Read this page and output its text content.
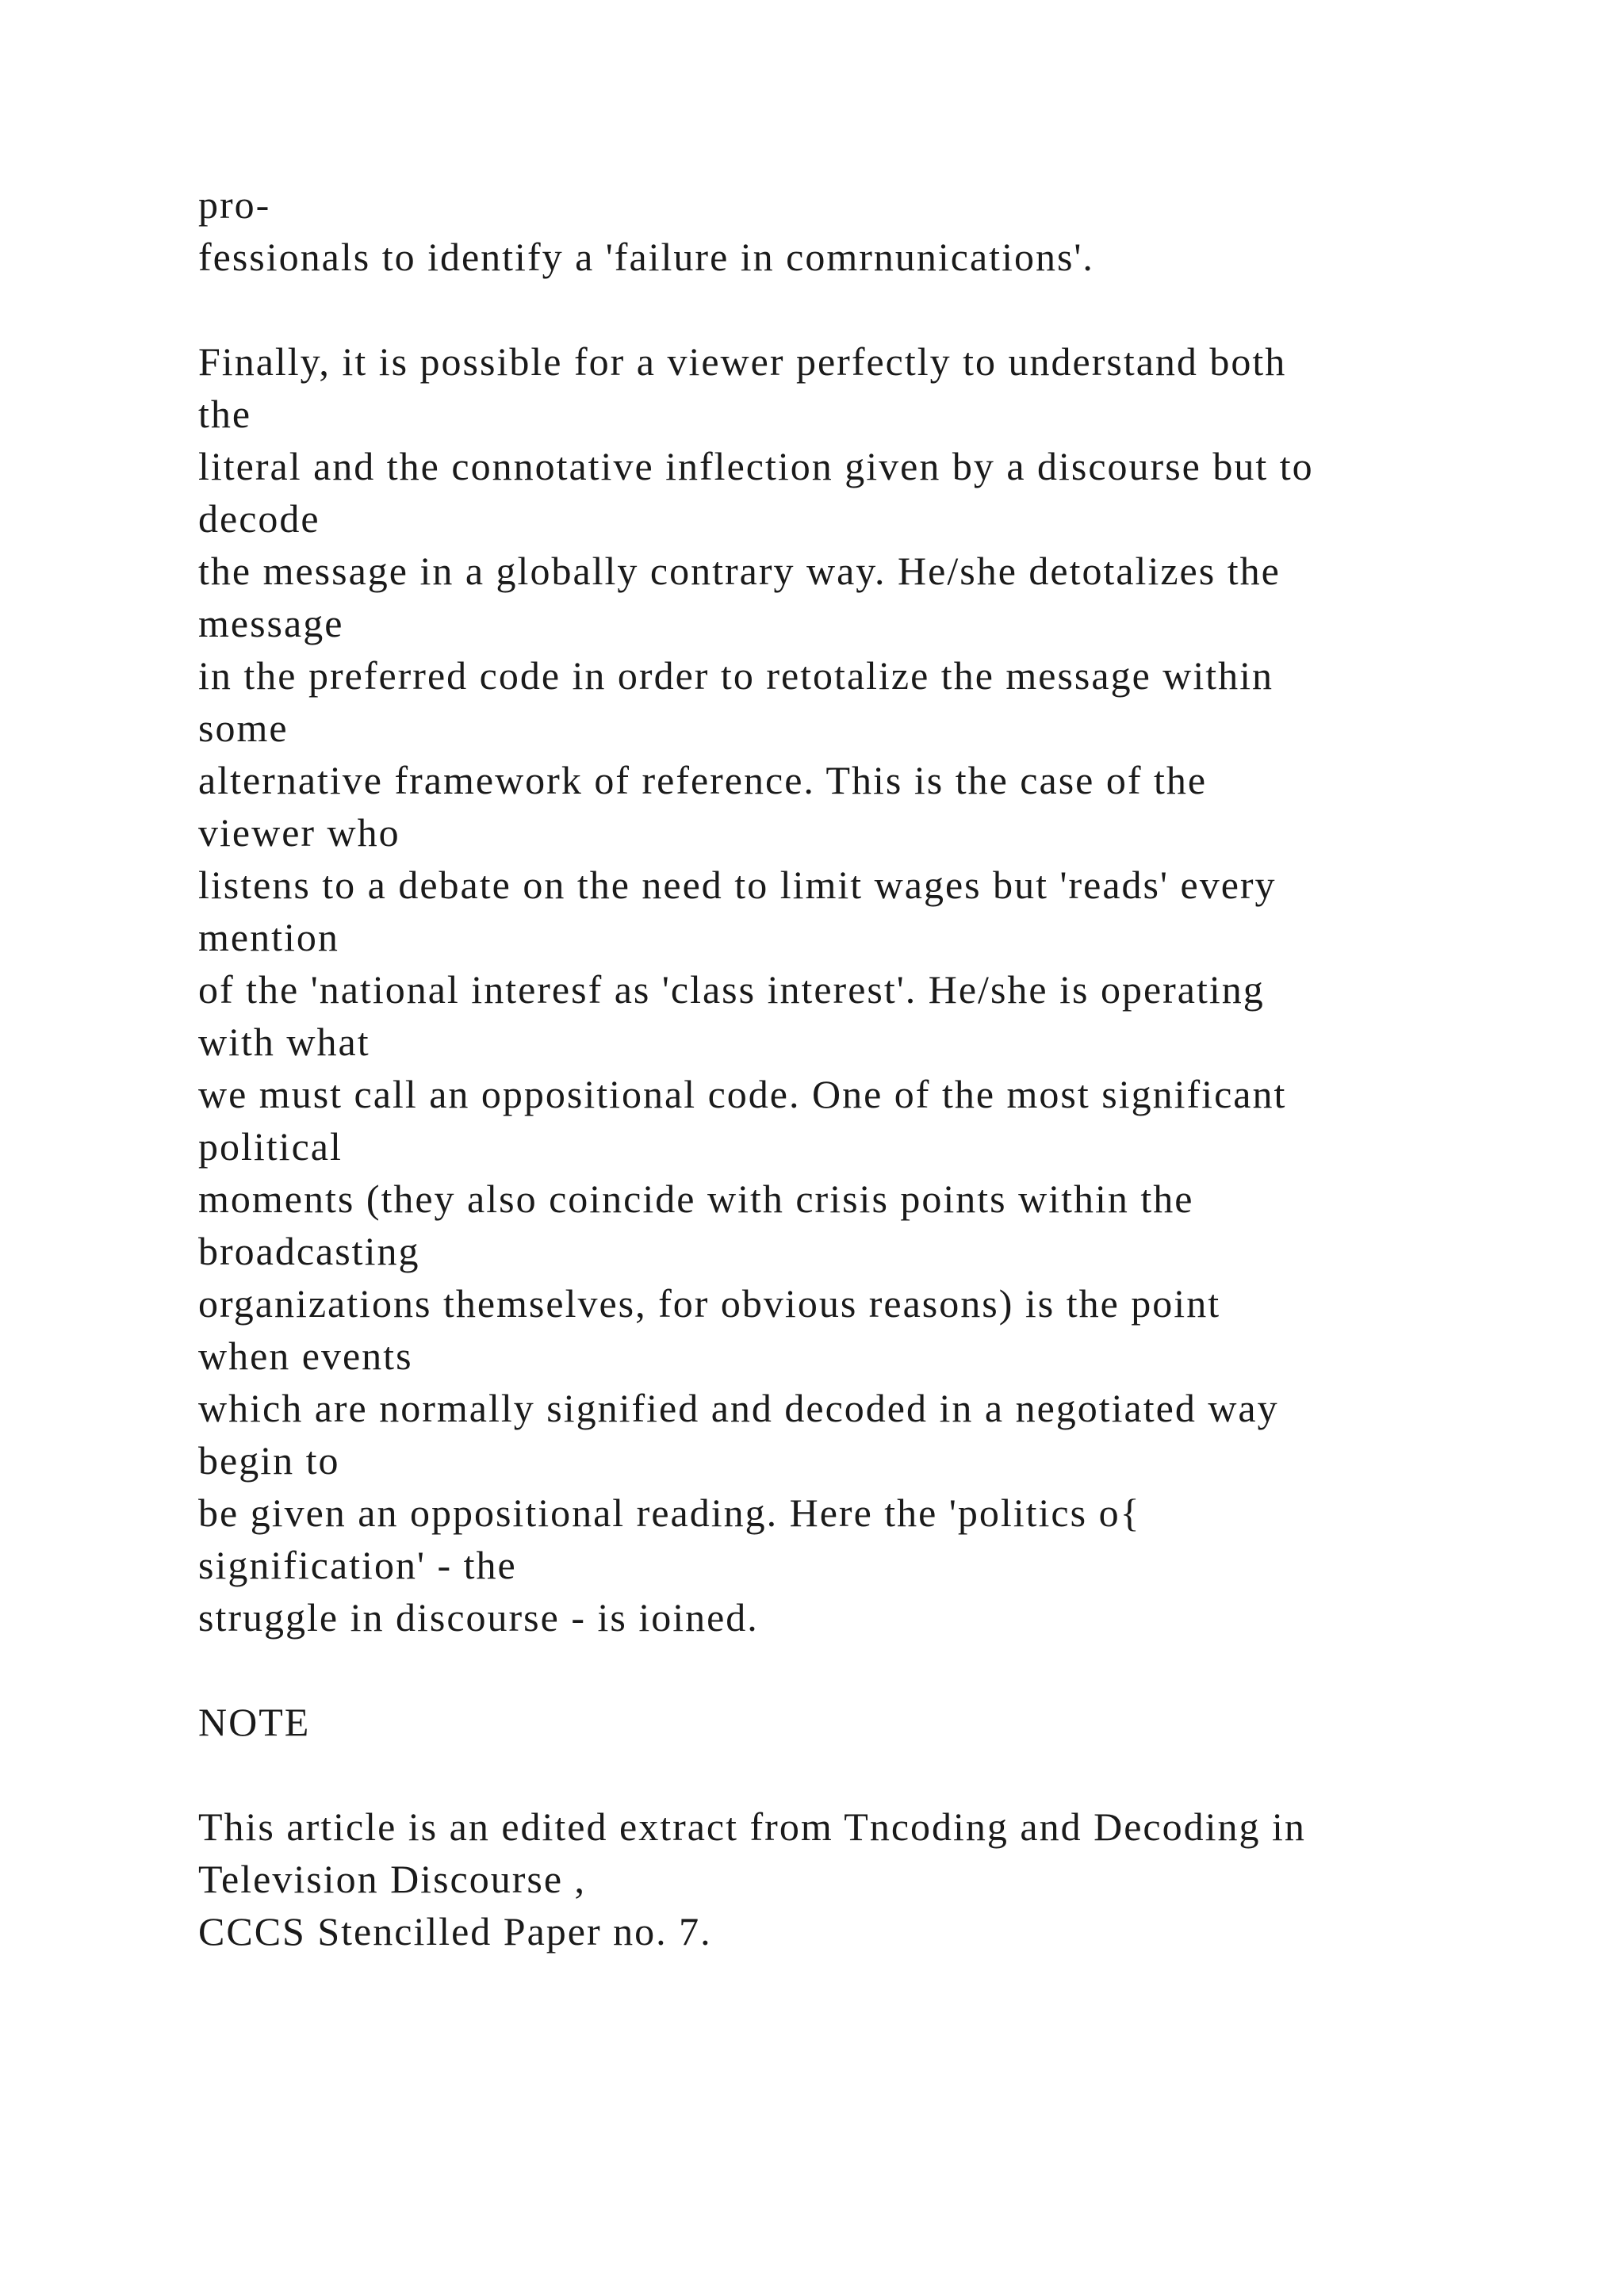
pro-
fessionals to identify a 'failure in comrnunications'.
Finally, it is possible for a viewer perfectly to understand both
the
literal and the connotative inflection given by a discourse but to
decode
the message in a globally contrary way. He/she detotalizes the
message
in the preferred code in order to retotalize the message within
some
alternative framework of reference. This is the case of the
viewer who
listens to a debate on the need to limit wages but 'reads' every
mention
of the 'national interesf as 'class interest'. He/she is operating
with what
we must call an oppositional code. One of the most significant
political
moments (they also coincide with crisis points within the
broadcasting
organizations themselves, for obvious reasons) is the point
when events
which are normally signified and decoded in a negotiated way
begin to
be given an oppositional reading. Here the 'politics o{
signification' - the
struggle in discourse - is ioined.
NOTE
This article is an edited extract from Tncoding and Decoding in
Television Discourse ,
CCCS Stencilled Paper no. 7.
